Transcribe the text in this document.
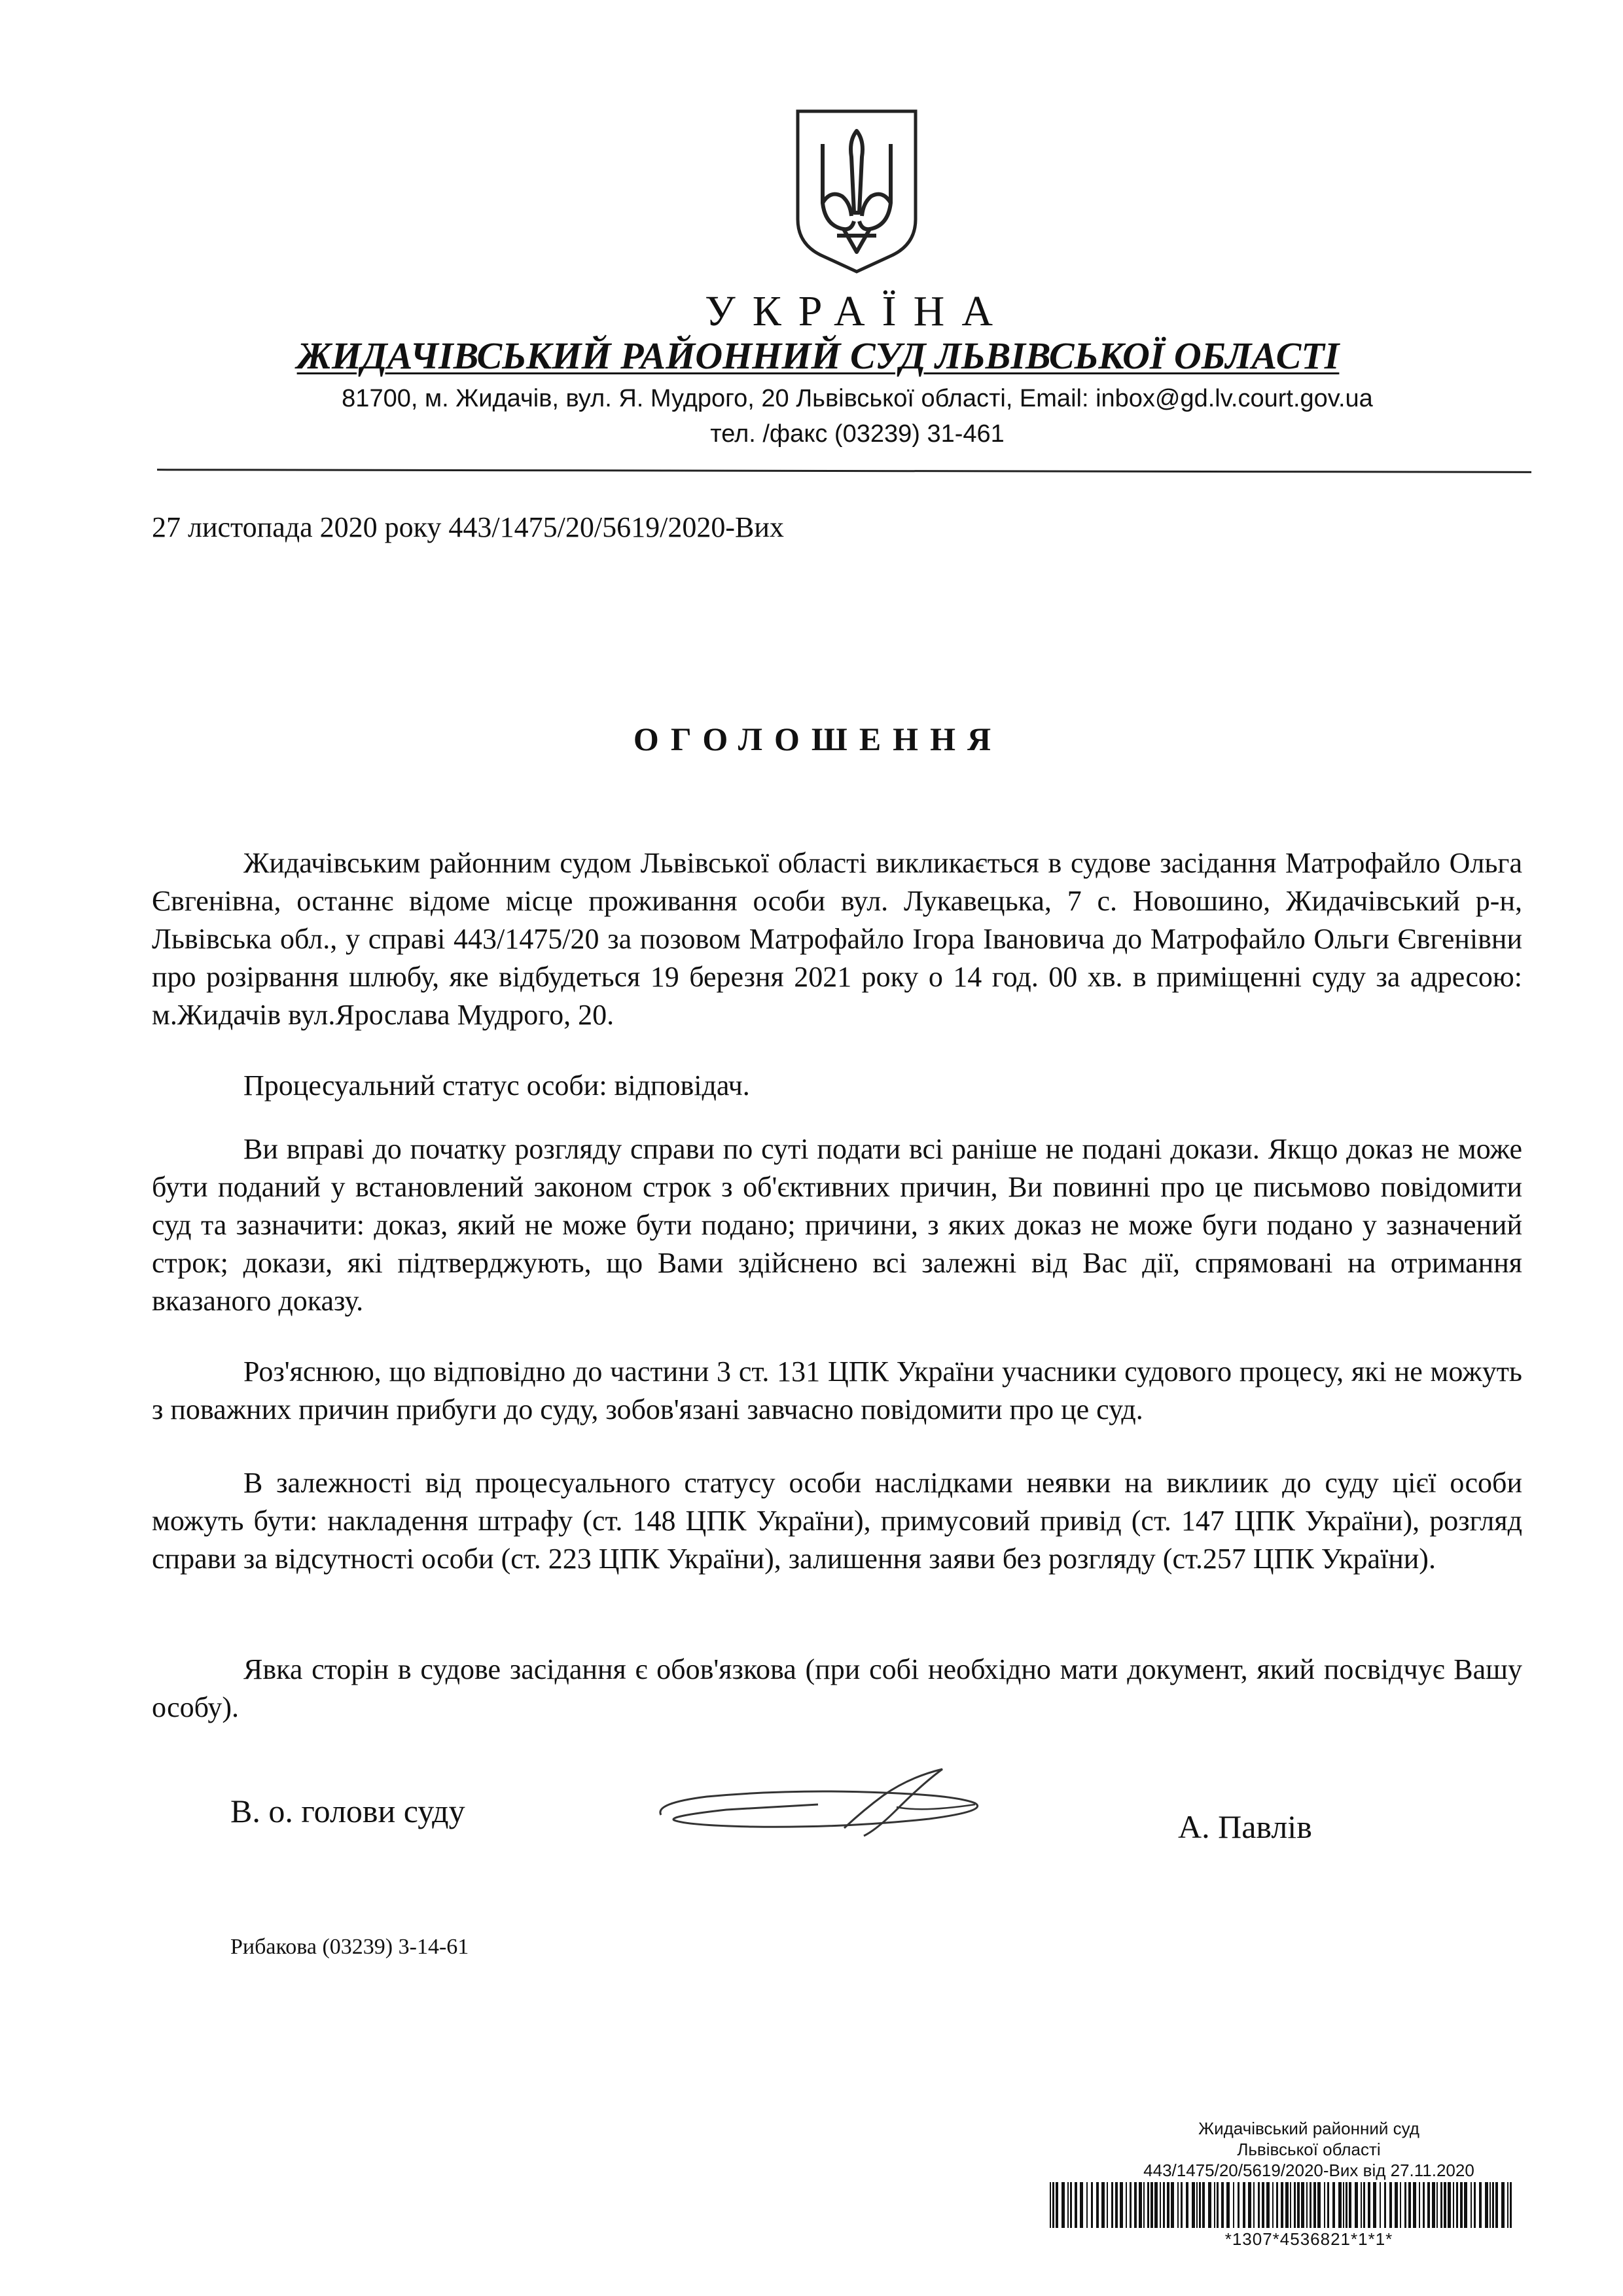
УКРАЇНА
ЖИДАЧІВСЬКИЙ РАЙОННИЙ СУД ЛЬВІВСЬКОЇ ОБЛАСТІ
81700, м. Жидачів, вул. Я. Мудрого, 20 Львівської області, Email: inbox@gd.lv.court.gov.ua
тел. /факс (03239) 31-461
27 листопада 2020 року 443/1475/20/5619/2020-Вих
ОГОЛОШЕННЯ

Жидачівським районним судом Львівської області викликається в судове засідання Матрофайло Ольга Євгенівна, останнє відоме місце проживання особи вул. Лукавецька, 7 с. Новошино, Жидачівський р-н, Львівська обл., у справі 443/1475/20 за позовом Матрофайло Ігора Івановича до Матрофайло Ольги Євгенівни про розірвання шлюбу, яке відбудеться 19 березня 2021 року о 14 год. 00 хв. в приміщенні суду за адресою: м.Жидачів вул.Ярослава Мудрого, 20.

Процесуальний статус особи: відповідач.

Ви вправі до початку розгляду справи по суті подати всі раніше не подані докази. Якщо доказ не може бути поданий у встановлений законом строк з об'єктивних причин, Ви повинні про це письмово повідомити суд та зазначити: доказ, який не може бути подано; причини, з яких доказ не може буги подано у зазначений строк; докази, які підтверджують, що Вами здійснено всі залежні від Вас дії, спрямовані на отримання вказаного доказу.

Роз'яснюю, що відповідно до частини 3 ст. 131 ЦПК України учасники судового процесу, які не можуть з поважних причин прибуги до суду, зобов'язані завчасно повідомити про це суд.

В залежності від процесуального статусу особи наслідками неявки на виклиик до суду цієї особи можуть бути: накладення штрафу (ст. 148 ЦПК України), примусовий привід (ст. 147 ЦПК України), розгляд справи за відсутності особи (ст. 223 ЦПК України), залишення заяви без розгляду (ст.257 ЦПК України).

Явка сторін в судове засідання є обов'язкова (при собі необхідно мати документ, який посвідчує Вашу особу).

В. о. голови суду	А. Павлів
Рибакова (03239) 3-14-61
Жидачівський районний суд
Львівської області
443/1475/20/5619/2020-Вих від 27.11.2020
*1307*4536821*1*1*
